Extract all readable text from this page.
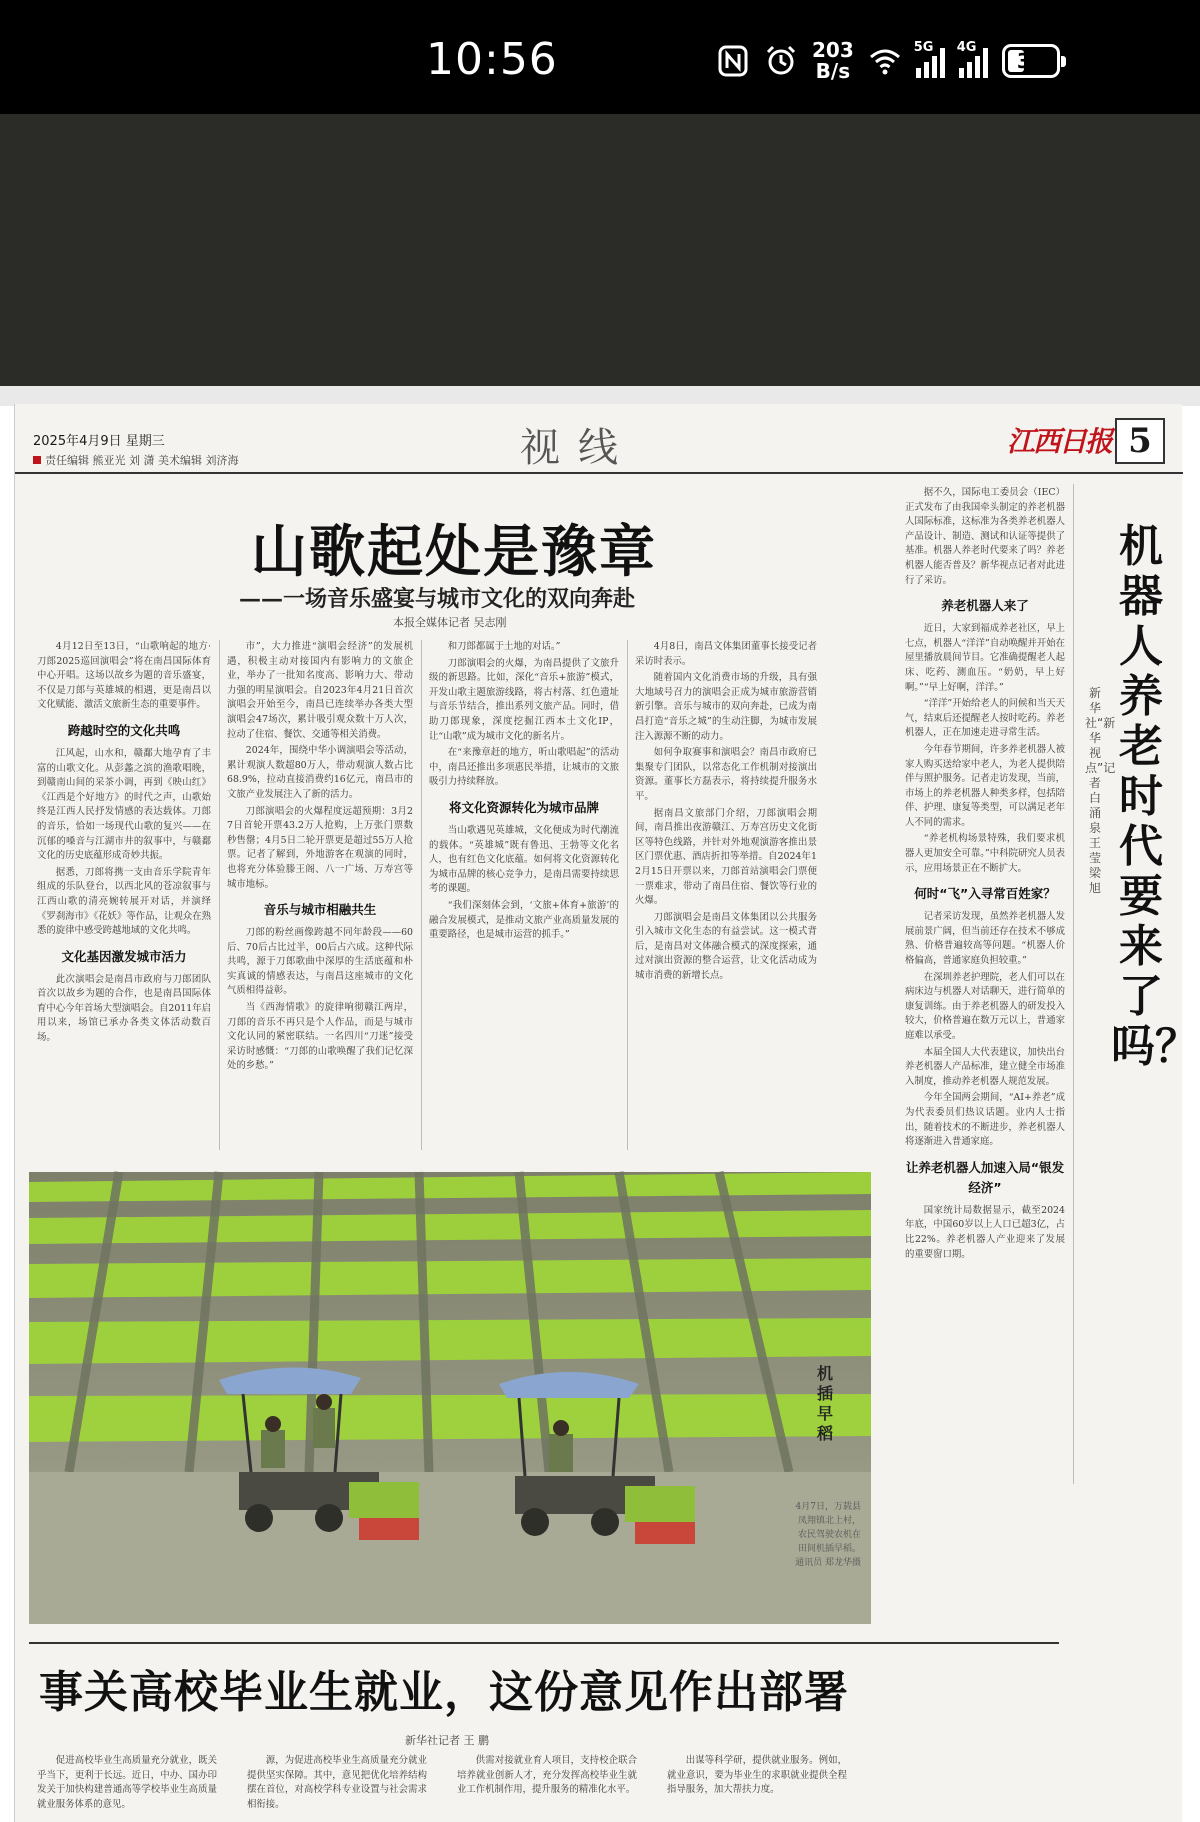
10:56	203
B/s
5G 4G
35
2025年4月9日 星期三
责任编辑 熊亚光 刘 潇 美术编辑 刘济海	视线	江西日报 5
山歌起处是豫章
——一场音乐盛宴与城市文化的双向奔赴
本报全媒体记者 吴志刚

4月12日至13日，“山歌响起的地方·刀郎2025巡回演唱会”将在南昌国际体育中心开唱。这场以故乡为题的音乐盛宴，不仅是刀郎与英雄城的相遇，更是南昌以文化赋能、激活文旅新生态的重要事件。

跨越时空的文化共鸣

江风起，山水和，赣鄱大地孕育了丰富的山歌文化。从彭蠡之滨的渔歌唱晚，到赣南山间的采茶小调，再到《映山红》《江西是个好地方》的时代之声，山歌始终是江西人民抒发情感的表达载体。刀郎的音乐，恰如一场现代山歌的复兴——在沉郁的嗓音与江湖市井的叙事中，与赣鄱文化的历史底蕴形成奇妙共振。

据悉，刀郎将携一支由音乐学院青年组成的乐队登台，以西北风的苍凉叙事与江西山歌的清亮婉转展开对话，并演绎《罗刹海市》《花妖》等作品，让观众在熟悉的旋律中感受跨越地域的文化共鸣。

文化基因激发城市活力

此次演唱会是南昌市政府与刀郎团队首次以故乡为题的合作，也是南昌国际体育中心今年首场大型演唱会。自2011年启用以来，场馆已承办各类文体活动数百场。

市”，大力推进“演唱会经济”的发展机遇，积极主动对接国内有影响力的文旅企业，举办了一批知名度高、影响力大、带动力强的明星演唱会。自2023年4月21日首次演唱会开始至今，南昌已连续举办各类大型演唱会47场次，累计吸引观众数十万人次，拉动了住宿、餐饮、交通等相关消费。

2024年，围绕中华小调演唱会等活动，累计观演人数超80万人，带动观演人数占比68.9%，拉动直接消费约16亿元，南昌市的文旅产业发展注入了新的活力。

刀郎演唱会的火爆程度远超预期：3月27日首轮开票43.2万人抢购，上万张门票数秒售罄；4月5日二轮开票更是超过55万人抢票。记者了解到，外地游客在观演的同时，也将充分体验滕王阁、八一广场、万寿宫等城市地标。

音乐与城市相融共生

刀郎的粉丝画像跨越不同年龄段——60后、70后占比过半，00后占六成。这种代际共鸣，源于刀郎歌曲中深厚的生活底蕴和朴实真诚的情感表达，与南昌这座城市的文化气质相得益彰。

当《西海情歌》的旋律响彻赣江两岸，刀郎的音乐不再只是个人作品，而是与城市文化认同的紧密联结。一名四川“刀迷”接受采访时感慨：“刀郎的山歌唤醒了我们记忆深处的乡愁。”

和刀郎都属于土地的对话。”

刀郎演唱会的火爆，为南昌提供了文旅升级的新思路。比如，深化“音乐+旅游”模式，开发山歌主题旅游线路，将古村落、红色遗址与音乐节结合，推出系列文旅产品。同时，借助刀郎现象，深度挖掘江西本土文化IP，让“山歌”成为城市文化的新名片。

在“来豫章赶的地方，听山歌唱起”的活动中，南昌还推出多项惠民举措，让城市的文旅吸引力持续释放。

将文化资源转化为城市品牌

当山歌遇见英雄城，文化便成为时代潮流的载体。“英雄城”既有鲁迅、王勃等文化名人，也有红色文化底蕴。如何将文化资源转化为城市品牌的核心竞争力，是南昌需要持续思考的课题。

“我们深刻体会到，‘文旅+体育+旅游’的融合发展模式，是推动文旅产业高质量发展的重要路径，也是城市运营的抓手。”

4月8日，南昌文体集团董事长接受记者采访时表示。

随着国内文化消费市场的升级，具有强大地域号召力的演唱会正成为城市旅游营销新引擎。音乐与城市的双向奔赴，已成为南昌打造“音乐之城”的生动注脚，为城市发展注入源源不断的动力。

如何争取赛事和演唱会？南昌市政府已集聚专门团队，以常态化工作机制对接演出资源。董事长方磊表示，将持续提升服务水平。

据南昌文旅部门介绍，刀郎演唱会期间，南昌推出夜游赣江、万寿宫历史文化街区等特色线路，并针对外地观演游客推出景区门票优惠、酒店折扣等举措。自2024年12月15日开票以来，刀郎首站演唱会门票便一票难求，带动了南昌住宿、餐饮等行业的火爆。

刀郎演唱会是南昌文体集团以公共服务引入城市文化生态的有益尝试。这一模式背后，是南昌对文体融合模式的深度探索，通过对演出资源的整合运营，让文化活动成为城市消费的新增长点。

据不久，国际电工委员会（IEC）正式发布了由我国牵头制定的养老机器人国际标准，这标准为各类养老机器人产品设计、制造、测试和认证等提供了基准。机器人养老时代要来了吗？养老机器人能否普及？新华视点记者对此进行了采访。

养老机器人来了

近日，大家到福成养老社区，早上七点，机器人“洋洋”自动唤醒并开始在屋里播放晨间节目。它准确提醒老人起床、吃药、测血压。“奶奶，早上好啊。”“早上好啊，洋洋。”

“洋洋”开始给老人的问候和当天天气，结束后还提醒老人按时吃药。养老机器人，正在加速走进寻常生活。

今年春节期间，许多养老机器人被家人购买送给家中老人，为老人提供陪伴与照护服务。记者走访发现，当前，市场上的养老机器人种类多样，包括陪伴、护理、康复等类型，可以满足老年人不同的需求。

“养老机构场景特殊，我们要求机器人更加安全可靠。”中科院研究人员表示，应用场景正在不断扩大。

何时“飞”入寻常百姓家？

记者采访发现，虽然养老机器人发展前景广阔，但当前还存在技术不够成熟、价格普遍较高等问题。“机器人价格偏高，普通家庭负担较重。”

在深圳养老护理院，老人们可以在病床边与机器人对话聊天，进行简单的康复训练。由于养老机器人的研发投入较大，价格普遍在数万元以上，普通家庭难以承受。

本届全国人大代表建议，加快出台养老机器人产品标准，建立健全市场准入制度，推动养老机器人规范发展。

今年全国两会期间，“AI+养老”成为代表委员们热议话题。业内人士指出，随着技术的不断进步，养老机器人将逐渐进入普通家庭。

让养老机器人加速入局“银发经济”

国家统计局数据显示，截至2024年底，中国60岁以上人口已超3亿，占比22%。养老机器人产业迎来了发展的重要窗口期。

机器人养老时代要来了吗？
新华社“新华视点”记者 白涌泉 王莹 梁旭
机插早稻
4月7日，万载县凤翔镇北上村，农民驾驶农机在田间机插早稻。通讯员 郑龙华摄
事关高校毕业生就业，这份意见作出部署
新华社记者 王 鹏

促进高校毕业生高质量充分就业，既关乎当下，更利于长远。近日，中办、国办印发关于加快构建普通高等学校毕业生高质量就业服务体系的意见。

源，为促进高校毕业生高质量充分就业提供坚实保障。其中，意见把优化培养结构摆在首位，对高校学科专业设置与社会需求相衔接。

供需对接就业育人项目，支持校企联合培养就业创新人才，充分发挥高校毕业生就业工作机制作用，提升服务的精准化水平。

出谋等科学研，提供就业服务。例如，就业意识，要为毕业生的求职就业提供全程指导服务，加大帮扶力度。
